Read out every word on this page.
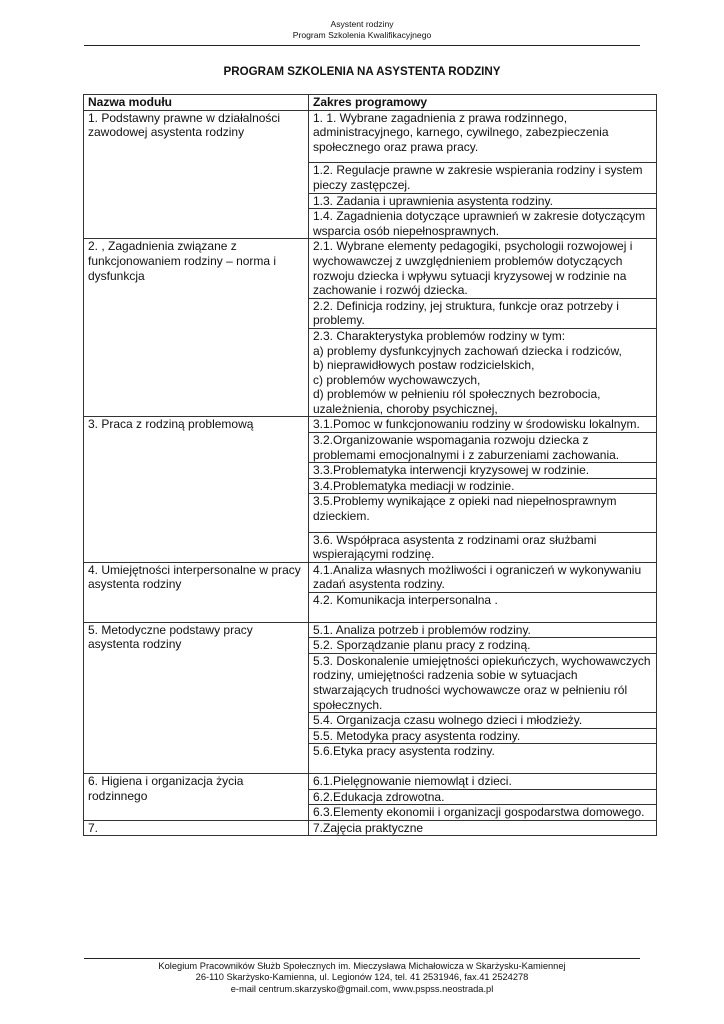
Asystent rodziny
Program Szkolenia Kwalifikacyjnego
PROGRAM SZKOLENIA NA ASYSTENTA RODZINY
Nazwa modułu	Zakres programowy
1. Podstawny prawne w działalności zawodowej asystenta rodziny	1. 1. Wybrane zagadnienia z prawa rodzinnego, administracyjnego, karnego, cywilnego, zabezpieczenia społecznego oraz prawa pracy.

	1.2. Regulacje prawne w zakresie wspierania rodziny i system pieczy zastępczej.
	1.3. Zadania i uprawnienia asystenta rodziny.
	1.4. Zagadnienia dotyczące uprawnień w zakresie dotyczącym wsparcia osób niepełnosprawnych.
2. , Zagadnienia związane z funkcjonowaniem rodziny – norma i dysfunkcja	2.1. Wybrane elementy pedagogiki, psychologii rozwojowej i wychowawczej z uwzględnieniem problemów dotyczących rozwoju dziecka i wpływu sytuacji kryzysowej w rodzinie na zachowanie i rozwój dziecka.
	2.2. Definicja rodziny, jej struktura, funkcje oraz potrzeby i problemy.

	2.3. Charakterystyka problemów rodziny w tym:
a) problemy dysfunkcyjnych zachowań dziecka i rodziców,
b) nieprawidłowych postaw rodzicielskich,
c) problemów wychowawczych,
d) problemów w pełnieniu ról społecznych bezrobocia, uzależnienia, choroby psychicznej,

3. Praca z rodziną problemową	3.1.Pomoc w funkcjonowaniu rodziny w środowisku lokalnym.
	3.2.Organizowanie wspomagania rozwoju dziecka z problemami emocjonalnymi i z zaburzeniami zachowania.
	3.3.Problematyka interwencji kryzysowej w rodzinie.
	3.4.Problematyka mediacji w rodzinie.

	3.5.Problemy wynikające z opieki nad niepełnosprawnym dzieckiem.

	3.6. Współpraca asystenta z rodzinami oraz służbami wspierającymi rodzinę.
4. Umiejętności interpersonalne w pracy asystenta rodziny	4.1.Analiza własnych możliwości i ograniczeń w wykonywaniu zadań asystenta rodziny.

	4.2. Komunikacja interpersonalna .

5. Metodyczne podstawy pracy asystenta rodziny	5.1. Analiza potrzeb i problemów rodziny.
	5.2. Sporządzanie planu pracy z rodziną.
	5.3. Doskonalenie umiejętności opiekuńczych, wychowawczych rodziny, umiejętności radzenia sobie w sytuacjach stwarzających trudności wychowawcze oraz w pełnieniu ról społecznych.
	5.4. Organizacja czasu wolnego dzieci i młodzieży.
	5.5. Metodyka pracy asystenta rodziny.

	5.6.Etyka pracy asystenta rodziny.

6. Higiena i organizacja życia rodzinnego	6.1.Pielęgnowanie niemowląt i dzieci.
	6.2.Edukacja zdrowotna.
	6.3.Elementy ekonomii i organizacji gospodarstwa domowego.
7.	7.Zajęcia praktyczne
Kolegium Pracowników Służb Społecznych im. Mieczysława Michałowicza w Skarżysku-Kamiennej
26-110 Skarżysko-Kamienna, ul. Legionów 124, tel. 41 2531946, fax.41 2524278
e-mail centrum.skarzysko@gmail.com, www.pspss.neostrada.pl
